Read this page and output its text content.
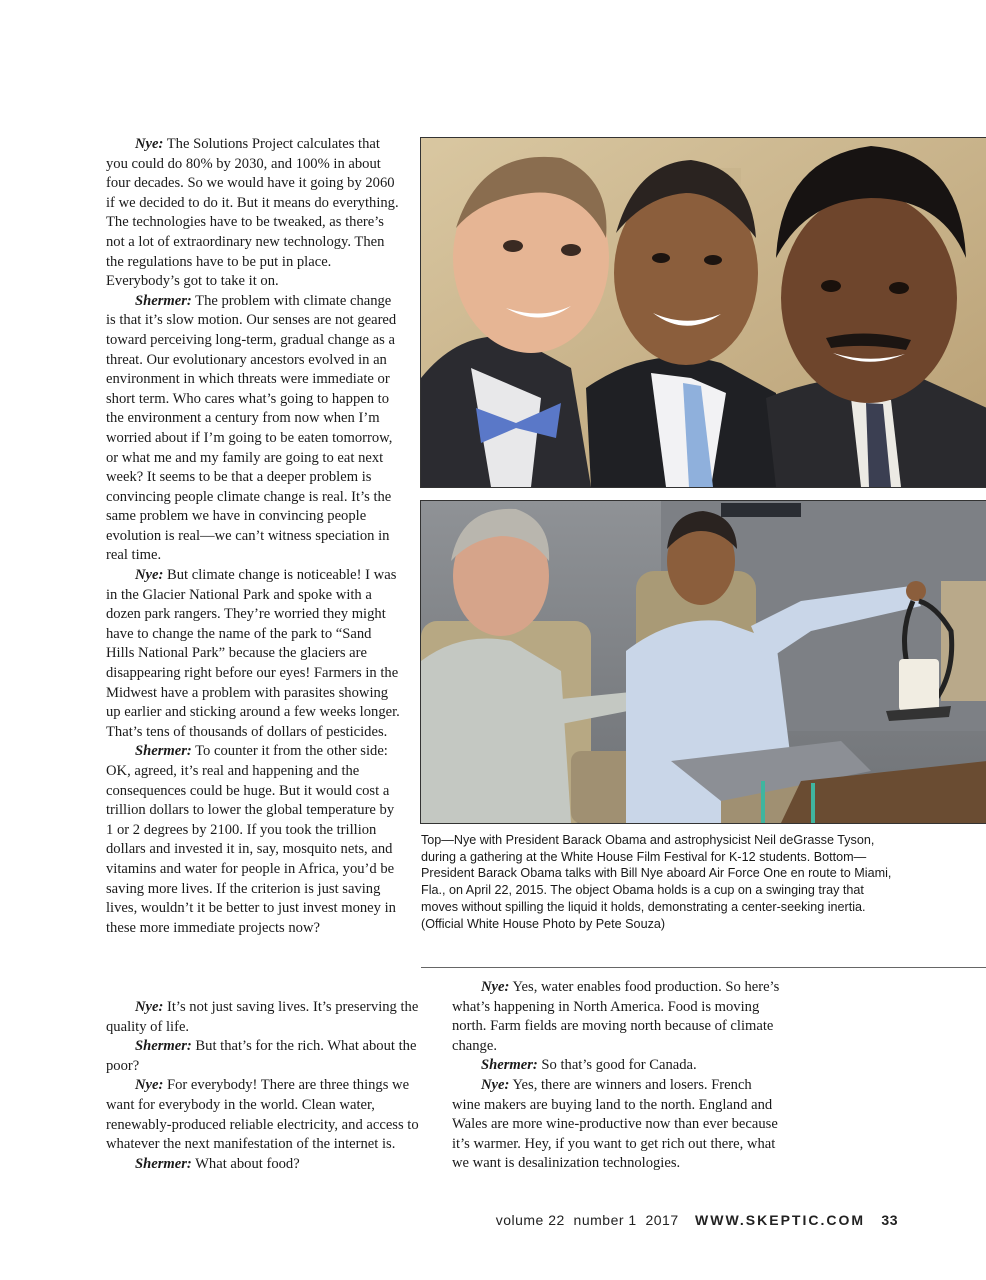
Nye: The Solutions Project calculates that you could do 80% by 2030, and 100% in about four decades. So we would have it going by 2060 if we decided to do it. But it means do everything. The technologies have to be tweaked, as there’s not a lot of extraordinary new technology. Then the regulations have to be put in place. Everybody’s got to take it on.

Shermer: The problem with climate change is that it’s slow motion. Our senses are not geared toward perceiving long-term, gradual change as a threat. Our evolutionary ancestors evolved in an environment in which threats were immediate or short term. Who cares what’s going to happen to the environment a century from now when I’m worried about if I’m going to be eaten tomorrow, or what me and my family are going to eat next week? It seems to be that a deeper problem is convincing people climate change is real. It’s the same problem we have in convincing people evolution is real—we can’t witness speciation in real time.

Nye: But climate change is noticeable! I was in the Glacier National Park and spoke with a dozen park rangers. They’re worried they might have to change the name of the park to “Sand Hills National Park” because the glaciers are disappearing right before our eyes! Farmers in the Midwest have a problem with parasites showing up earlier and sticking around a few weeks longer. That’s tens of thousands of dollars of pesticides.

Shermer: To counter it from the other side: OK, agreed, it’s real and happening and the consequences could be huge. But it would cost a trillion dollars to lower the global temperature by 1 or 2 degrees by 2100. If you took the trillion dollars and invested it in, say, mosquito nets, and vitamins and water for people in Africa, you’d be saving more lives. If the criterion is just saving lives, wouldn’t it be better to just invest money in these more immediate projects now?

Top—Nye with President Barack Obama and astrophysicist Neil deGrasse Tyson, during a gathering at the White House Film Festival for K-12 students. Bottom—President Barack Obama talks with Bill Nye aboard Air Force One en route to Miami, Fla., on April 22, 2015. The object Obama holds is a cup on a swinging tray that moves without spilling the liquid it holds, demonstrating a center-seeking inertia. (Official White House Photo by Pete Souza)

Nye: It’s not just saving lives. It’s preserving the quality of life.

Shermer: But that’s for the rich. What about the poor?

Nye: For everybody! There are three things we want for everybody in the world. Clean water, renewably-produced reliable electricity, and access to whatever the next manifestation of the internet is.

Shermer: What about food?

Nye: Yes, water enables food production. So here’s what’s happening in North America. Food is moving north. Farm fields are moving north because of climate change.

Shermer: So that’s good for Canada.

Nye: Yes, there are winners and losers. French wine makers are buying land to the north. England and Wales are more wine-productive now than ever because it’s warmer. Hey, if you want to get rich out there, what we want is desalinization technologies.

volume 22  number 1  2017 WWW.SKEPTIC.COM 33
